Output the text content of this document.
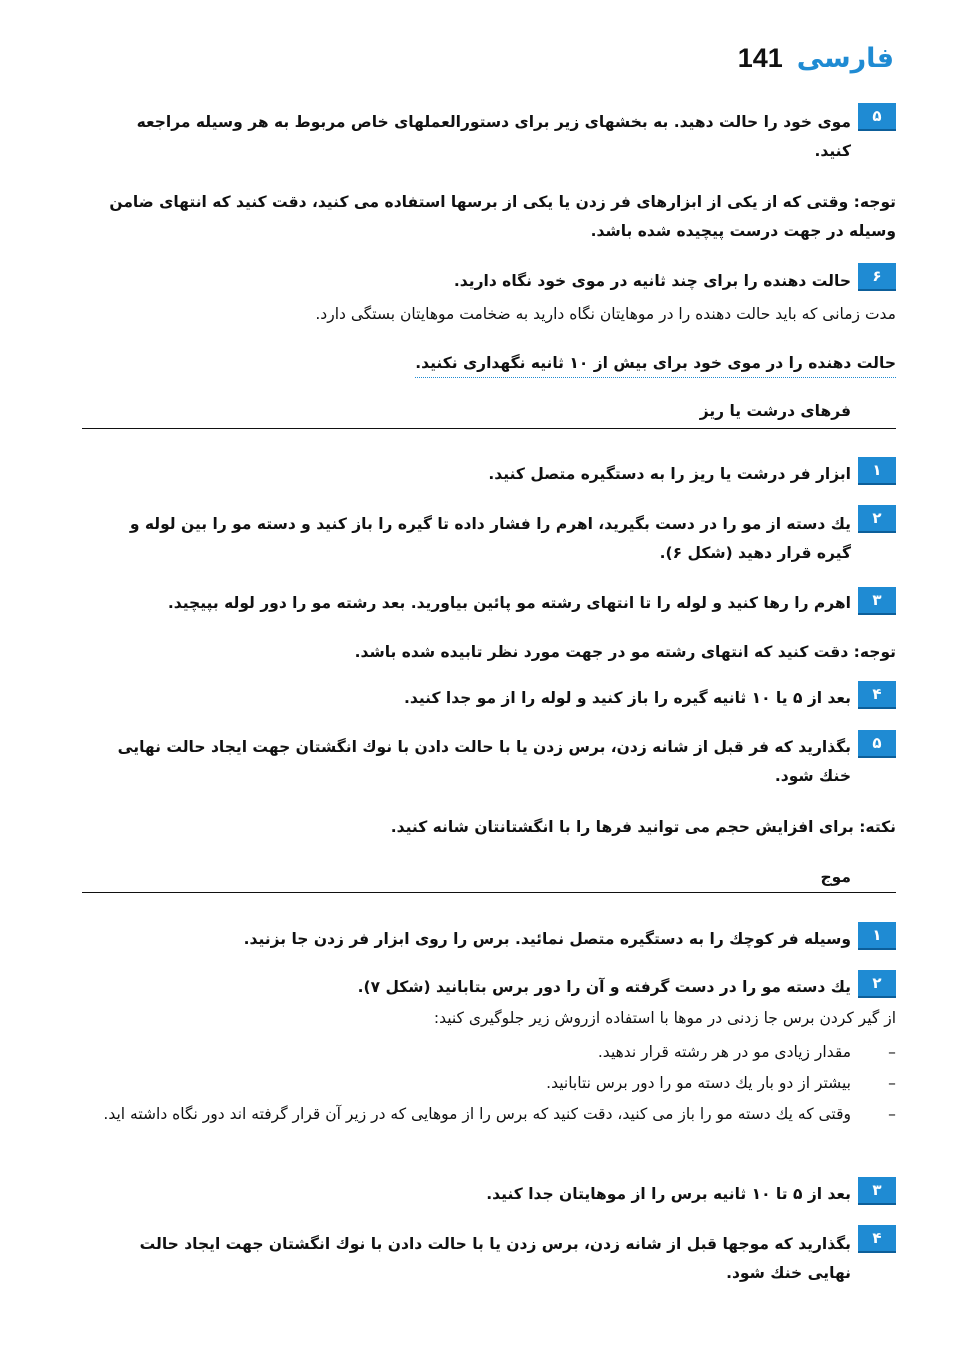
فارسی
141
۵
موی خود را حالت دهید. به بخشهای زیر برای دستورالعملهای خاص مربوط به هر وسیله مراجعه کنید.
توجه: وقتی که از یکی از ابزارهای فر زدن یا یکی از برسها استفاده می کنید، دقت کنید که انتهای ضامن وسیله در جهت درست پیچیده شده باشد.
۶
حالت دهنده را برای چند ثانیه در موی خود نگاه دارید.
مدت زمانی که باید حالت دهنده را در موهایتان نگاه دارید به ضخامت موهایتان بستگی دارد.
حالت دهنده را در موی خود برای بیش از ۱۰ ثانیه نگهداری نکنید.
فرهای درشت یا ریز
۱
ابزار فر درشت یا ریز را به دستگیره متصل کنید.
۲
یك دسته از مو را در دست بگیرید، اهرم را فشار داده تا گیره را باز کنید و دسته مو را بین لوله و گیره قرار دهید (شکل ۶).
۳
اهرم را رها کنید و لوله را تا انتهای رشته مو پائین بیاورید. بعد رشته مو را دور لوله بپیچید.
توجه: دقت کنید که انتهای رشته مو در جهت مورد نظر تابیده شده باشد.
۴
بعد از ۵ یا ۱۰ ثانیه گیره را باز کنید و لوله را از مو جدا کنید.
۵
بگذارید که فر قبل از شانه زدن، برس زدن یا با حالت دادن با نوك انگشتان جهت ایجاد حالت نهایی خنك شود.
نکته: برای افزایش حجم می توانید فرها را با انگشتانتان شانه کنید.
موج
۱
وسیله فر کوچك را به دستگیره متصل نمائید. برس را روی ابزار فر زدن جا بزنید.
۲
یك دسته مو را در دست گرفته و آن را دور برس بتابانید (شکل ۷).
از گیر کردن برس جا زدنی در موها با استفاده ازروش زیر جلوگیری کنید:
–
مقدار زیادی مو در هر رشته قرار ندهید.
–
بیشتر از دو بار یك دسته مو را دور برس نتابانید.
–
وقتی که یك دسته مو را باز می کنید، دقت کنید که برس را از موهایی که در زیر آن قرار گرفته اند دور نگاه داشته اید.
۳
بعد از ۵ تا ۱۰ ثانیه برس را از موهایتان جدا کنید.
۴
بگذارید که موجها قبل از شانه زدن، برس زدن یا با حالت دادن با نوك انگشتان جهت ایجاد حالت نهایی خنك شود.
